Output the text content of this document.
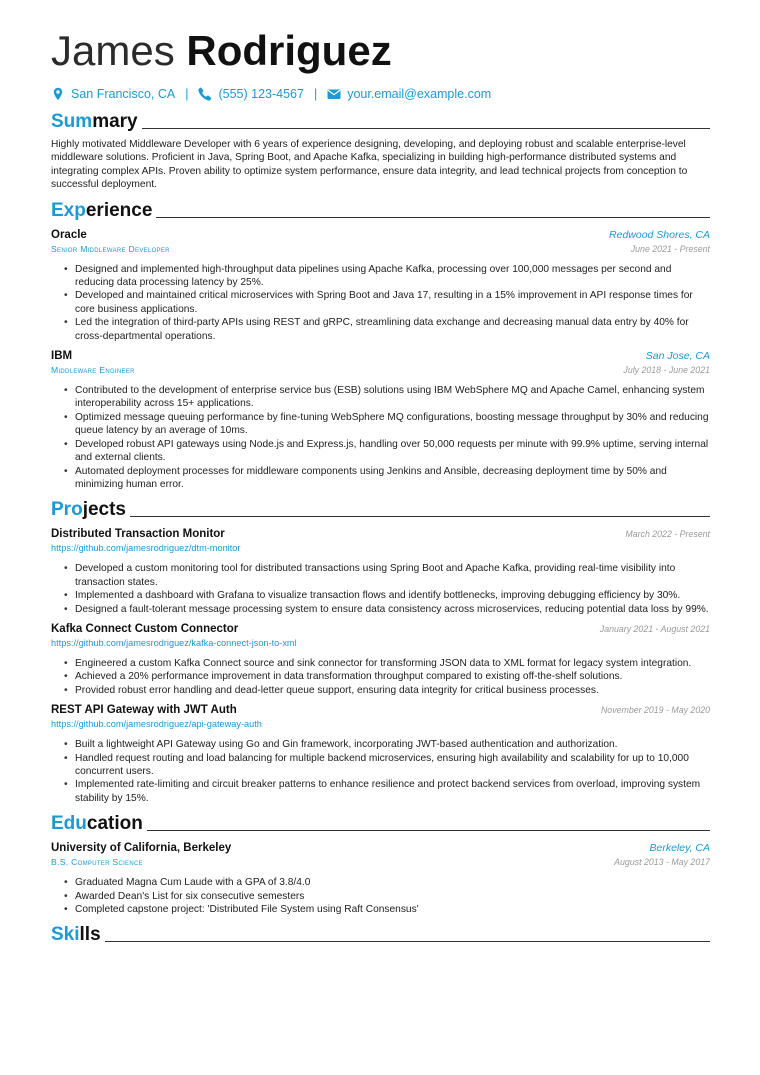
James Rodriguez
San Francisco, CA | (555) 123-4567 | your.email@example.com
Summary

Highly motivated Middleware Developer with 6 years of experience designing, developing, and deploying robust and scalable enterprise-level middleware solutions. Proficient in Java, Spring Boot, and Apache Kafka, specializing in building high-performance distributed systems and integrating complex APIs. Proven ability to optimize system performance, ensure data integrity, and lead technical projects from conception to successful deployment.

Experience
Oracle	Redwood Shores, CA
Senior Middleware Developer	June 2021 - Present
• Designed and implemented high-throughput data pipelines using Apache Kafka, processing over 100,000 messages per second and reducing data processing latency by 25%.
• Developed and maintained critical microservices with Spring Boot and Java 17, resulting in a 15% improvement in API response times for core business applications.
• Led the integration of third-party APIs using REST and gRPC, streamlining data exchange and decreasing manual data entry by 40% for cross-departmental operations.
IBM	San Jose, CA
Middleware Engineer	July 2018 - June 2021
• Contributed to the development of enterprise service bus (ESB) solutions using IBM WebSphere MQ and Apache Camel, enhancing system interoperability across 15+ applications.
• Optimized message queuing performance by fine-tuning WebSphere MQ configurations, boosting message throughput by 30% and reducing queue latency by an average of 10ms.
• Developed robust API gateways using Node.js and Express.js, handling over 50,000 requests per minute with 99.9% uptime, serving internal and external clients.
• Automated deployment processes for middleware components using Jenkins and Ansible, decreasing deployment time by 50% and minimizing human error.
Projects
Distributed Transaction Monitor	March 2022 - Present
https://github.com/jamesrodriguez/dtm-monitor
• Developed a custom monitoring tool for distributed transactions using Spring Boot and Apache Kafka, providing real-time visibility into transaction states.
• Implemented a dashboard with Grafana to visualize transaction flows and identify bottlenecks, improving debugging efficiency by 30%.
• Designed a fault-tolerant message processing system to ensure data consistency across microservices, reducing potential data loss by 99%.
Kafka Connect Custom Connector	January 2021 - August 2021
https://github.com/jamesrodriguez/kafka-connect-json-to-xml
• Engineered a custom Kafka Connect source and sink connector for transforming JSON data to XML format for legacy system integration.
• Achieved a 20% performance improvement in data transformation throughput compared to existing off-the-shelf solutions.
• Provided robust error handling and dead-letter queue support, ensuring data integrity for critical business processes.
REST API Gateway with JWT Auth	November 2019 - May 2020
https://github.com/jamesrodriguez/api-gateway-auth
• Built a lightweight API Gateway using Go and Gin framework, incorporating JWT-based authentication and authorization.
• Handled request routing and load balancing for multiple backend microservices, ensuring high availability and scalability for up to 10,000 concurrent users.
• Implemented rate-limiting and circuit breaker patterns to enhance resilience and protect backend services from overload, improving system stability by 15%.
Education
University of California, Berkeley	Berkeley, CA
B.S. Computer Science	August 2013 - May 2017
• Graduated Magna Cum Laude with a GPA of 3.8/4.0
• Awarded Dean's List for six consecutive semesters
• Completed capstone project: 'Distributed File System using Raft Consensus'
Skills
